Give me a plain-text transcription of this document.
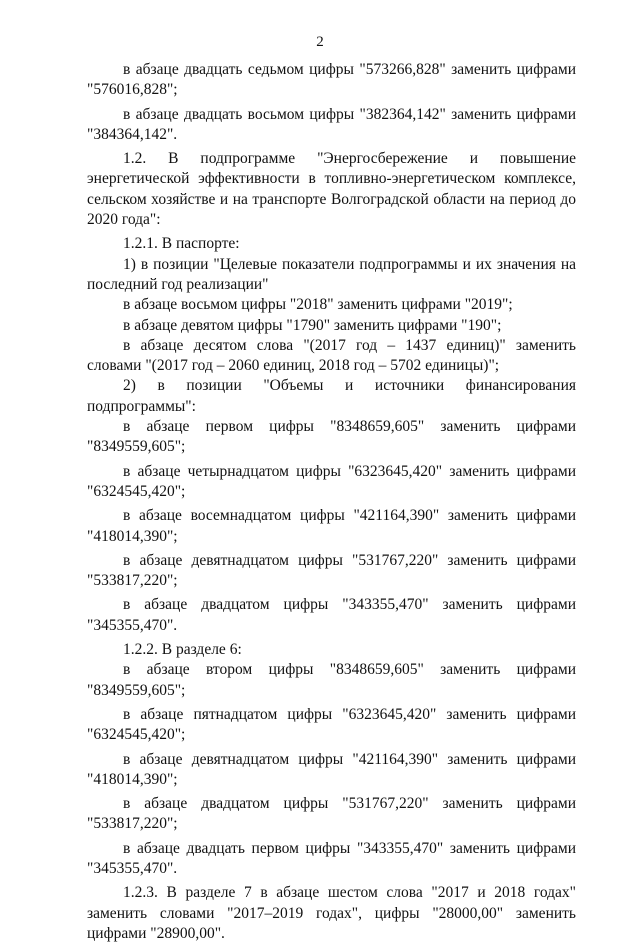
2

в абзаце двадцать седьмом цифры "573266,828" заменить цифрами "576016,828";

в абзаце двадцать восьмом цифры "382364,142" заменить цифрами "384364,142".

1.2. В подпрограмме "Энергосбережение и повышение энергетической эффективности в топливно-энергетическом комплексе, сельском хозяйстве и на транспорте Волгоградской области на период до 2020 года":

1.2.1. В паспорте:

1) в позиции "Целевые показатели подпрограммы и их значения на последний год реализации"

в абзаце восьмом цифры "2018" заменить цифрами "2019";

в абзаце девятом цифры "1790" заменить цифрами "190";

в абзаце десятом слова "(2017 год – 1437 единиц)" заменить словами "(2017 год – 2060 единиц, 2018 год – 5702 единицы)";

2) в позиции "Объемы и источники финансирования подпрограммы":

в абзаце первом цифры "8348659,605" заменить цифрами "8349559,605";

в абзаце четырнадцатом цифры "6323645,420" заменить цифрами "6324545,420";

в абзаце восемнадцатом цифры "421164,390" заменить цифрами "418014,390";

в абзаце девятнадцатом цифры "531767,220" заменить цифрами "533817,220";

в абзаце двадцатом цифры "343355,470" заменить цифрами "345355,470".

1.2.2. В разделе 6:

в абзаце втором цифры "8348659,605" заменить цифрами "8349559,605";

в абзаце пятнадцатом цифры "6323645,420" заменить цифрами "6324545,420";

в абзаце девятнадцатом цифры "421164,390" заменить цифрами "418014,390";

в абзаце двадцатом цифры "531767,220" заменить цифрами "533817,220";

в абзаце двадцать первом цифры "343355,470" заменить цифрами "345355,470".

1.2.3. В разделе 7 в абзаце шестом слова "2017 и 2018 годах" заменить словами "2017–2019 годах", цифры "28000,00" заменить цифрами "28900,00".
